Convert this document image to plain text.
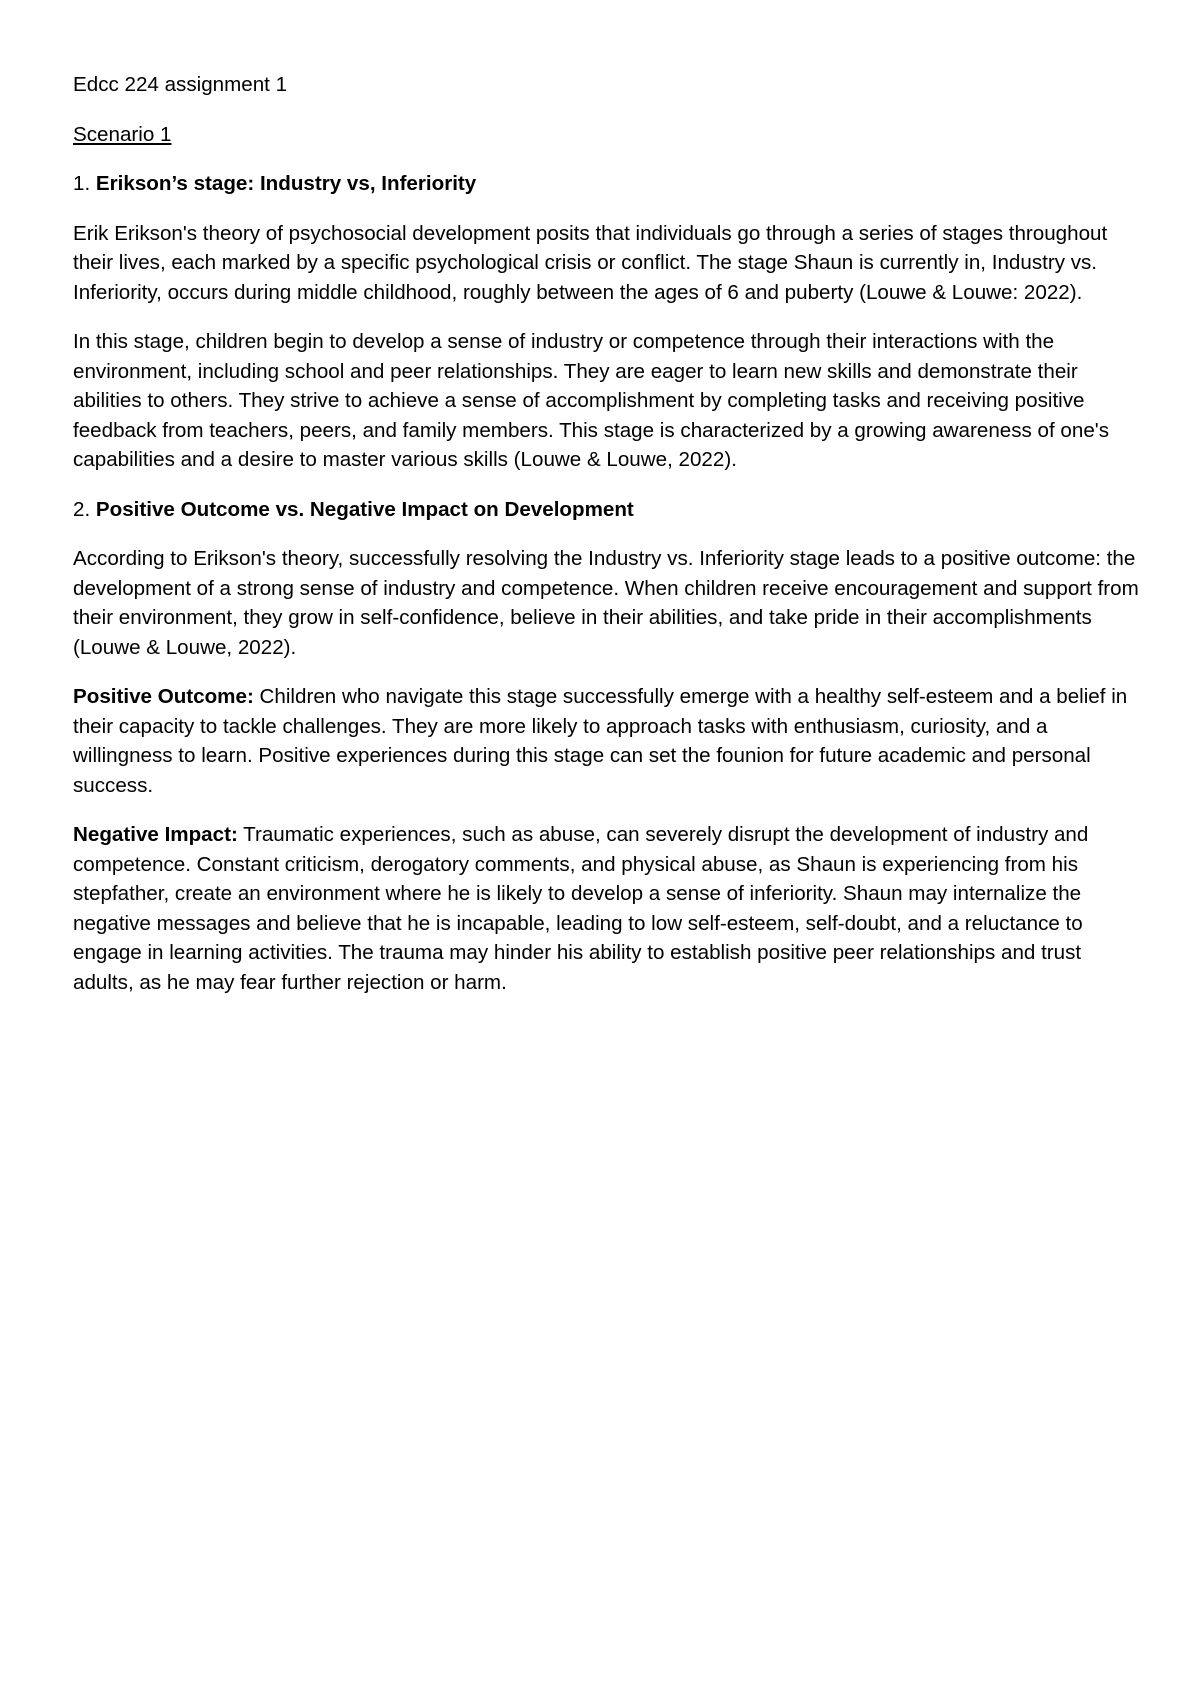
Edcc 224 assignment 1

Scenario 1

1. Erikson’s stage: Industry vs, Inferiority

Erik Erikson's theory of psychosocial development posits that individuals go through a series of stages throughout their lives, each marked by a specific psychological crisis or conflict. The stage Shaun is currently in, Industry vs. Inferiority, occurs during middle childhood, roughly between the ages of 6 and puberty (Louwe & Louwe: 2022).

In this stage, children begin to develop a sense of industry or competence through their interactions with the environment, including school and peer relationships. They are eager to learn new skills and demonstrate their abilities to others. They strive to achieve a sense of accomplishment by completing tasks and receiving positive feedback from teachers, peers, and family members. This stage is characterized by a growing awareness of one's capabilities and a desire to master various skills (Louwe & Louwe, 2022).

2. Positive Outcome vs. Negative Impact on Development

According to Erikson's theory, successfully resolving the Industry vs. Inferiority stage leads to a positive outcome: the development of a strong sense of industry and competence. When children receive encouragement and support from their environment, they grow in self-confidence, believe in their abilities, and take pride in their accomplishments (Louwe & Louwe, 2022).

Positive Outcome: Children who navigate this stage successfully emerge with a healthy self-esteem and a belief in their capacity to tackle challenges. They are more likely to approach tasks with enthusiasm, curiosity, and a willingness to learn. Positive experiences during this stage can set the founion for future academic and personal success.

Negative Impact: Traumatic experiences, such as abuse, can severely disrupt the development of industry and competence. Constant criticism, derogatory comments, and physical abuse, as Shaun is experiencing from his stepfather, create an environment where he is likely to develop a sense of inferiority. Shaun may internalize the negative messages and believe that he is incapable, leading to low self-esteem, self-doubt, and a reluctance to engage in learning activities. The trauma may hinder his ability to establish positive peer relationships and trust adults, as he may fear further rejection or harm.
